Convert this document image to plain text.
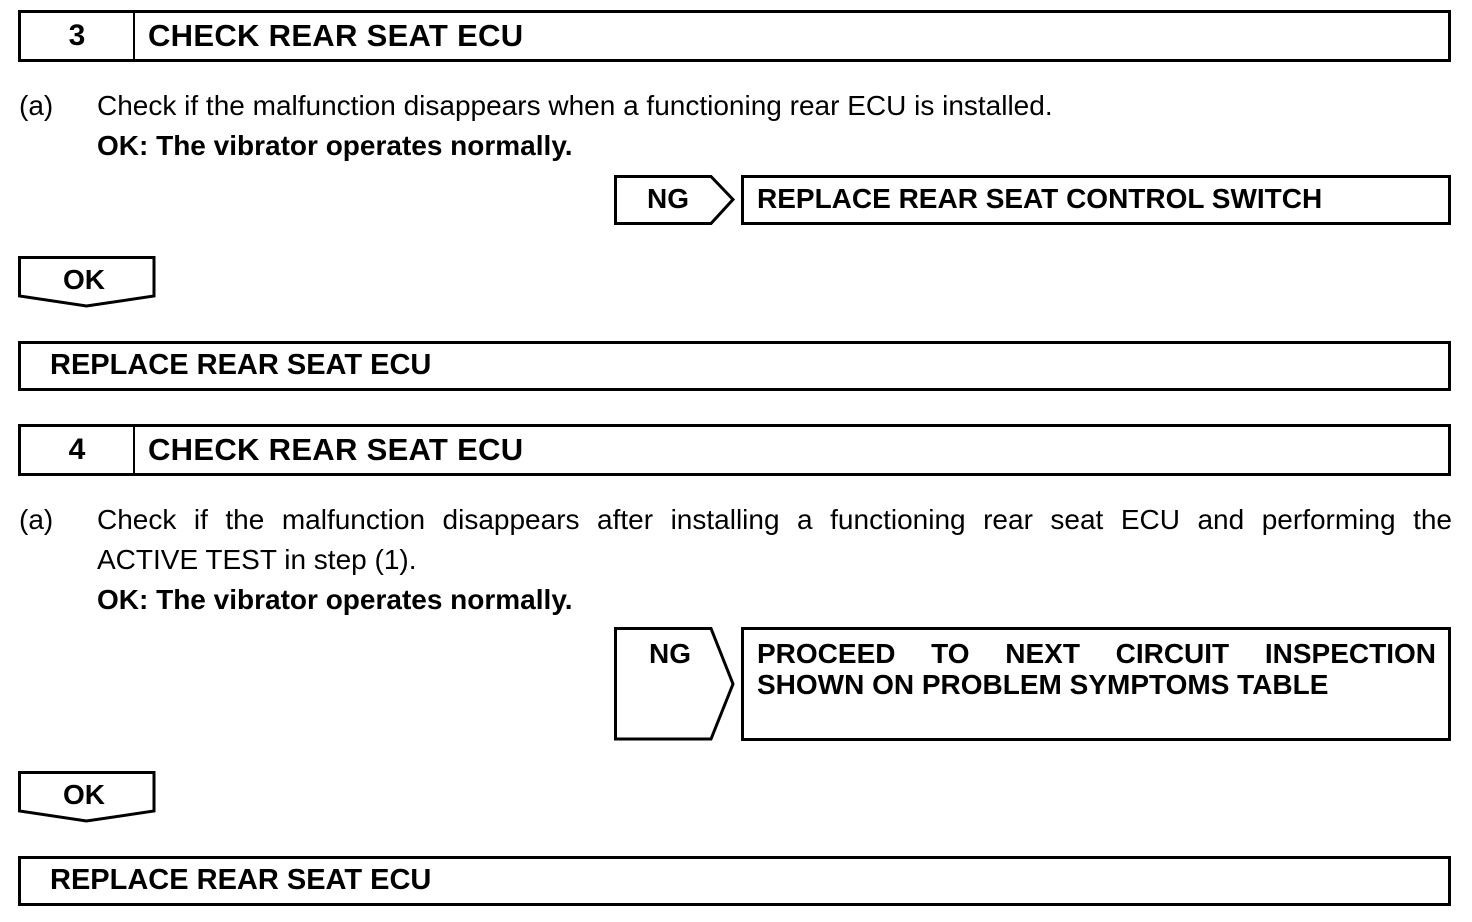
3	CHECK REAR SEAT ECU
(a) Check if the malfunction disappears when a functioning rear ECU is installed.
OK: The vibrator operates normally.
NG	REPLACE REAR SEAT CONTROL SWITCH
OK
REPLACE REAR SEAT ECU
4	CHECK REAR SEAT ECU
(a) Check if the malfunction disappears after installing a functioning rear seat ECU and performing the
ACTIVE TEST in step (1).
OK: The vibrator operates normally.
NG	PROCEED TO NEXT CIRCUIT INSPECTION
SHOWN ON PROBLEM SYMPTOMS TABLE
OK
REPLACE REAR SEAT ECU
